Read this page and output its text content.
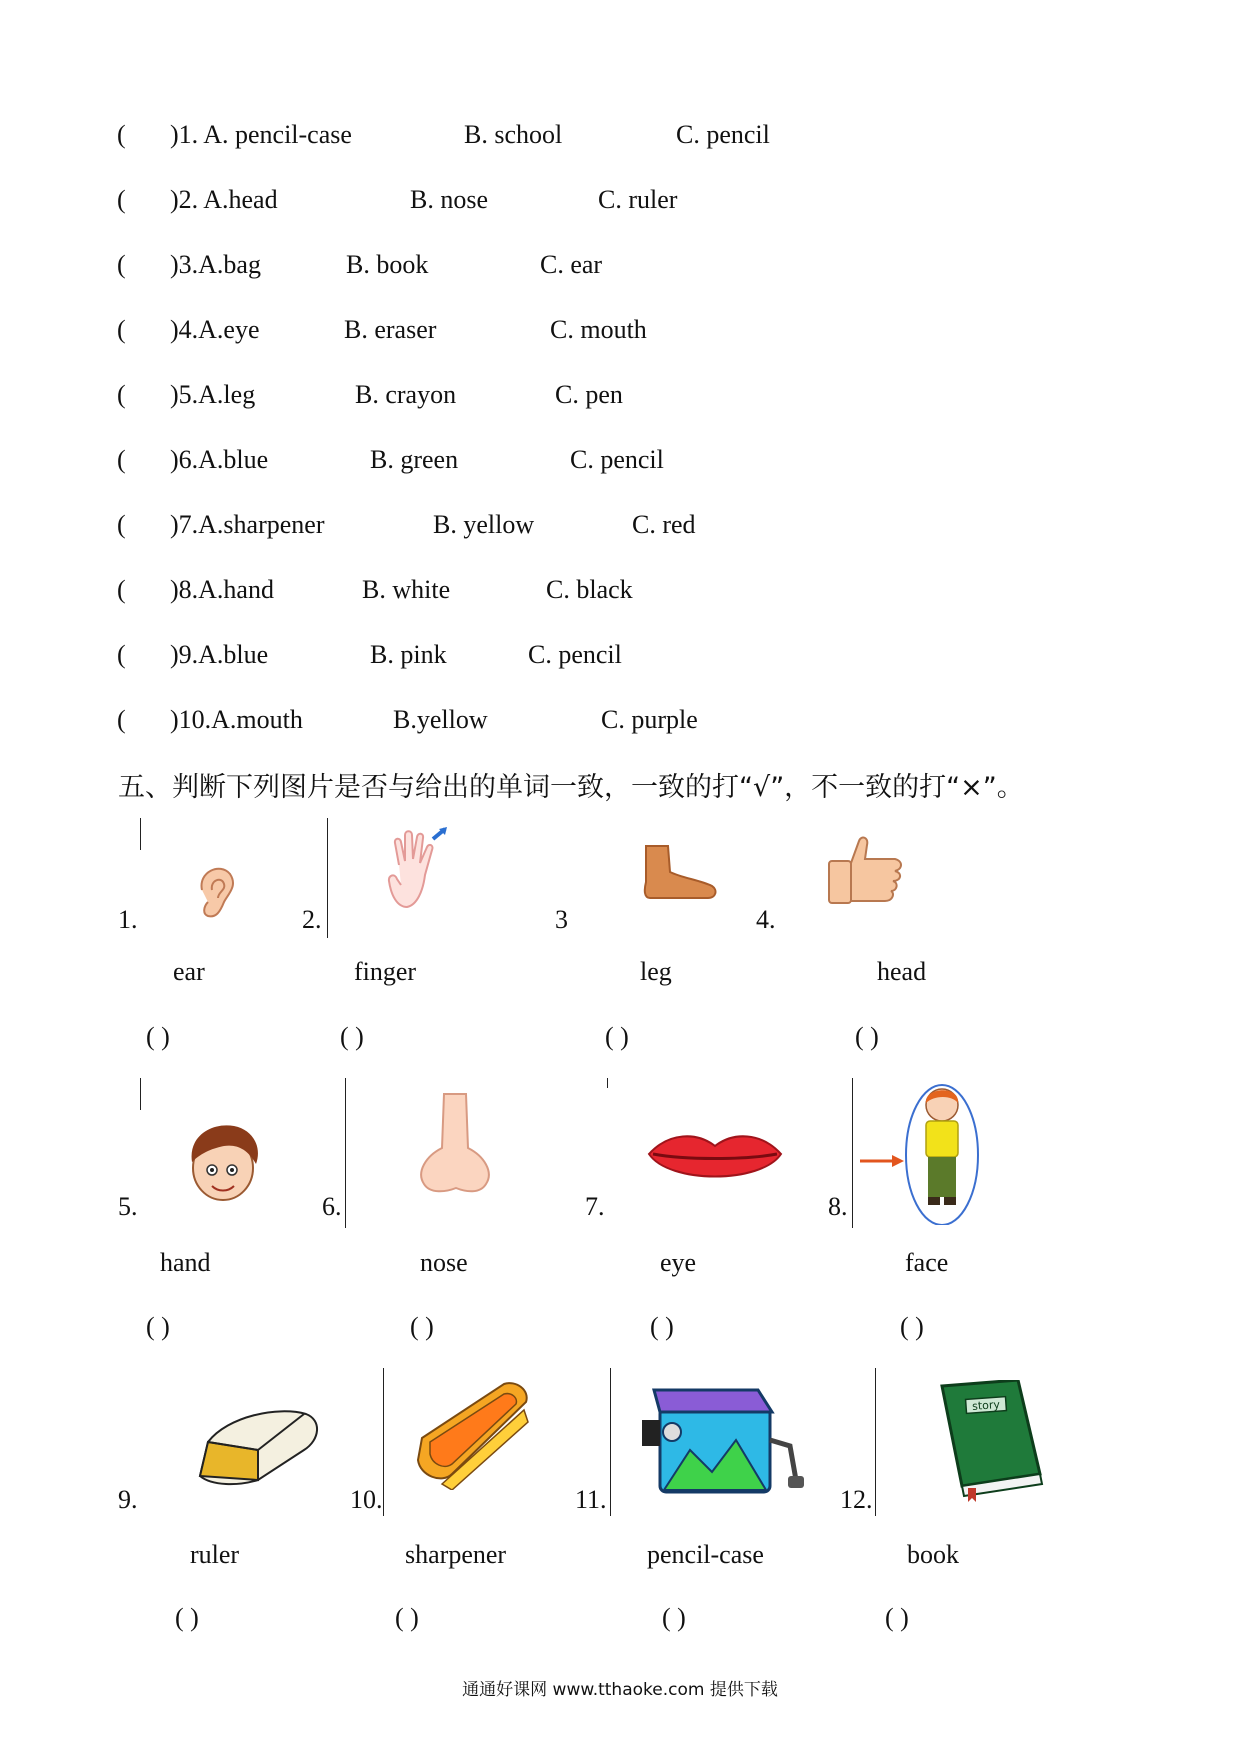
( )1. A. pencil-case	B. school	C. pencil
( )2. A.head	B. nose	C. ruler
( )3.A.bag	B. book	C. ear
( )4.A.eye	B. eraser	C. mouth
( )5.A.leg	B. crayon	C. pen
( )6.A.blue	B. green	C. pencil
( )7.A.sharpener	B. yellow	C. red
( )8.A.hand	B. white	C. black
( )9.A.blue	B. pink	C. pencil
( )10.A.mouth	B.yellow	C. purple
五、判断下列图片是否与给出的单词一致，一致的打“√”，不一致的打“×”。
1.	2.	3	4.
ear	finger	leg	head
( )	( )	( )	( )
5.	6.	7.	8.
hand	nose	eye	face
( )	( )	( )	( )
9.	10.	11.	12.
story
ruler	sharpener	pencil-case	book
( )	( )	( )	( )
通通好课网 www.tthaoke.com 提供下载
